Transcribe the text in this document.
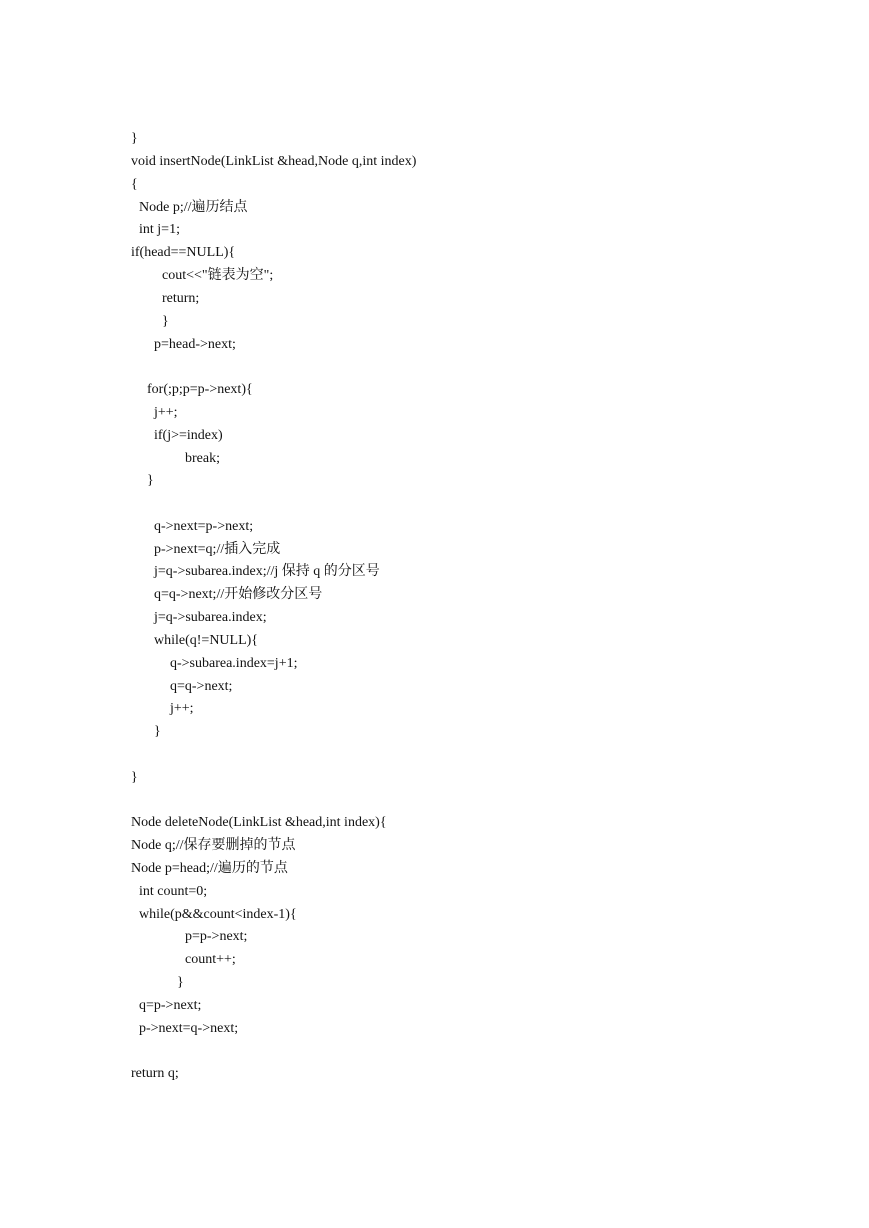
}
void insertNode(LinkList &head,Node q,int index)
{
Node p;//遍历结点
int j=1;
if(head==NULL){
cout<<"链表为空";
return;
}
p=head->next;
for(;p;p=p->next){
j++;
if(j>=index)
break;
}
q->next=p->next;
p->next=q;//插入完成
j=q->subarea.index;//j 保持 q 的分区号
q=q->next;//开始修改分区号
j=q->subarea.index;
while(q!=NULL){
q->subarea.index=j+1;
q=q->next;
j++;
}
}
Node deleteNode(LinkList &head,int index){
Node q;//保存要删掉的节点
Node p=head;//遍历的节点
int count=0;
while(p&&count<index-1){
p=p->next;
count++;
}
q=p->next;
p->next=q->next;
return q;
